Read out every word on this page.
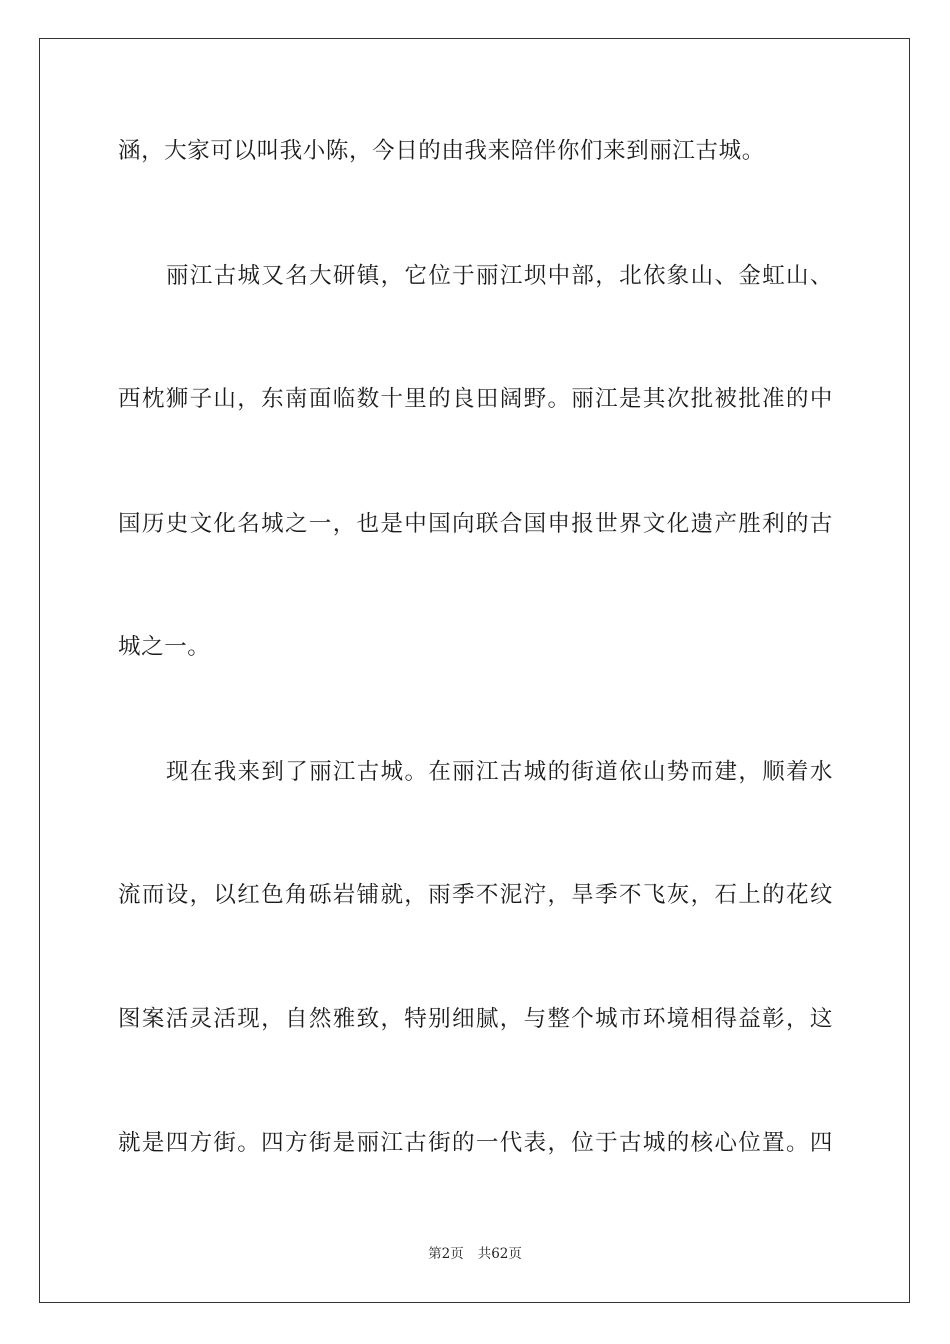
涵，大家可以叫我小陈，今日的由我来陪伴你们来到丽江古城。
丽江古城又名大研镇，它位于丽江坝中部，北依象山、金虹山、
西枕狮子山，东南面临数十里的良田阔野。丽江是其次批被批准的中
国历史文化名城之一，也是中国向联合国申报世界文化遗产胜利的古
城之一。
现在我来到了丽江古城。在丽江古城的街道依山势而建，顺着水
流而设，以红色角砾岩铺就，雨季不泥泞，旱季不飞灰，石上的花纹
图案活灵活现，自然雅致，特别细腻，与整个城市环境相得益彰，这
就是四方街。四方街是丽江古街的一代表，位于古城的核心位置。四
第2页 共62页
